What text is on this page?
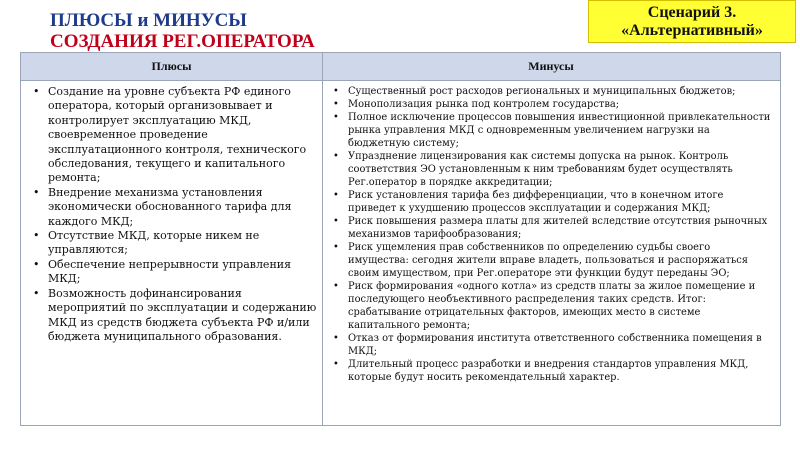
ПЛЮСЫ и МИНУСЫ
СОЗДАНИЯ РЕГ.ОПЕРАТОРА
Сценарий 3.
«Альтернативный»
Плюсы	Минусы
• Создание на уровне субъекта РФ единого оператора, который организовывает и контролирует эксплуатацию МКД, своевременное проведение эксплуатационного контроля, технического обследования, текущего и капитального ремонта;
• Внедрение механизма установления экономически обоснованного тарифа для каждого МКД;
• Отсутствие МКД, которые никем не управляются;
• Обеспечение непрерывности управления МКД;
• Возможность дофинансирования мероприятий по эксплуатации и содержанию МКД из средств бюджета субъекта РФ и/или бюджета муниципального образования.
• Существенный рост расходов региональных и муниципальных бюджетов;
• Монополизация рынка под контролем государства;
• Полное исключение процессов повышения инвестиционной привлекательности рынка управления МКД с одновременным увеличением нагрузки на бюджетную систему;
• Упразднение лицензирования как системы допуска на рынок. Контроль соответствия ЭО установленным к ним требованиям будет осуществлять Рег.оператор в порядке аккредитации;
• Риск установления тарифа без дифференциации, что в конечном итоге приведет к ухудшению процессов эксплуатации и содержания МКД;
• Риск повышения размера платы для жителей вследствие отсутствия рыночных механизмов тарифообразования;
• Риск ущемления прав собственников по определению судьбы своего имущества: сегодня жители вправе владеть, пользоваться и распоряжаться своим имуществом, при Рег.операторе эти функции будут переданы ЭО;
• Риск формирования «одного котла» из средств платы за жилое помещение и последующего необъективного распределения таких средств. Итог: срабатывание отрицательных факторов, имеющих место в системе капитального ремонта;
• Отказ от формирования института ответственного собственника помещения в МКД;
• Длительный процесс разработки и внедрения стандартов управления МКД, которые будут носить рекомендательный характер.
